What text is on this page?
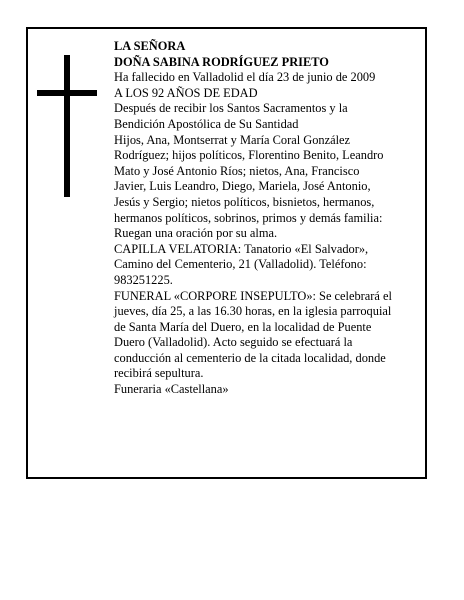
LA SEÑORA
DOÑA SABINA RODRÍGUEZ PRIETO
Ha fallecido en Valladolid el día 23 de junio de 2009
A LOS 92 AÑOS DE EDAD
Después de recibir los Santos Sacramentos y la
Bendición Apostólica de Su Santidad
Hijos, Ana, Montserrat y María Coral González
Rodríguez; hijos políticos, Florentino Benito, Leandro
Mato y José Antonio Ríos; nietos, Ana, Francisco
Javier, Luis Leandro, Diego, Mariela, José Antonio,
Jesús y Sergio; nietos políticos, bisnietos, hermanos,
hermanos políticos, sobrinos, primos y demás familia:
Ruegan una oración por su alma.
CAPILLA VELATORIA: Tanatorio «El Salvador»,
Camino del Cementerio, 21 (Valladolid). Teléfono:
983251225.
FUNERAL «CORPORE INSEPULTO»: Se celebrará el
jueves, día 25, a las 16.30 horas, en la iglesia parroquial
de Santa María del Duero, en la localidad de Puente
Duero (Valladolid). Acto seguido se efectuará la
conducción al cementerio de la citada localidad, donde
recibirá sepultura.
Funeraria «Castellana»
